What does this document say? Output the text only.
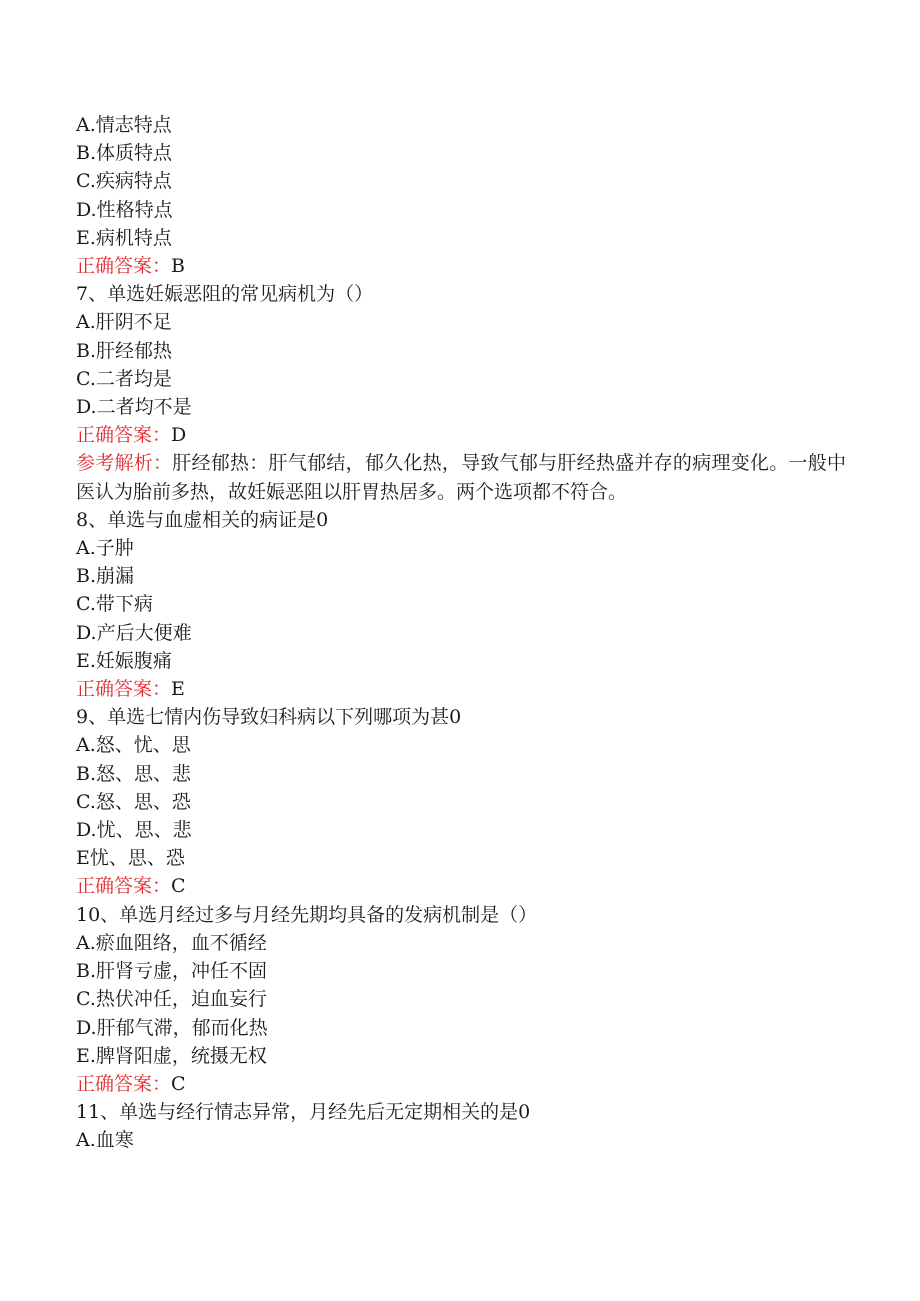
A.情志特点

B.体质特点

C.疾病特点

D.性格特点

E.病机特点

正确答案：B

7、单选妊娠恶阻的常见病机为（）

A.肝阴不足

B.肝经郁热

C.二者均是

D.二者均不是

正确答案：D

参考解析：肝经郁热：肝气郁结，郁久化热，导致气郁与肝经热盛并存的病理变化。一般中医认为胎前多热，故妊娠恶阻以肝胃热居多。两个选项都不符合。

8、单选与血虚相关的病证是0

A.子肿

B.崩漏

C.带下病

D.产后大便难

E.妊娠腹痛

正确答案：E

9、单选七情内伤导致妇科病以下列哪项为甚0

A.怒、忧、思

B.怒、思、悲

C.怒、思、恐

D.忧、思、悲

E忧、思、恐

正确答案：C

10、单选月经过多与月经先期均具备的发病机制是（）

A.瘀血阻络，血不循经

B.肝肾亏虚，冲任不固

C.热伏冲任，迫血妄行

D.肝郁气滞，郁而化热

E.脾肾阳虚，统摄无权

正确答案：C

11、单选与经行情志异常，月经先后无定期相关的是0

A.血寒
